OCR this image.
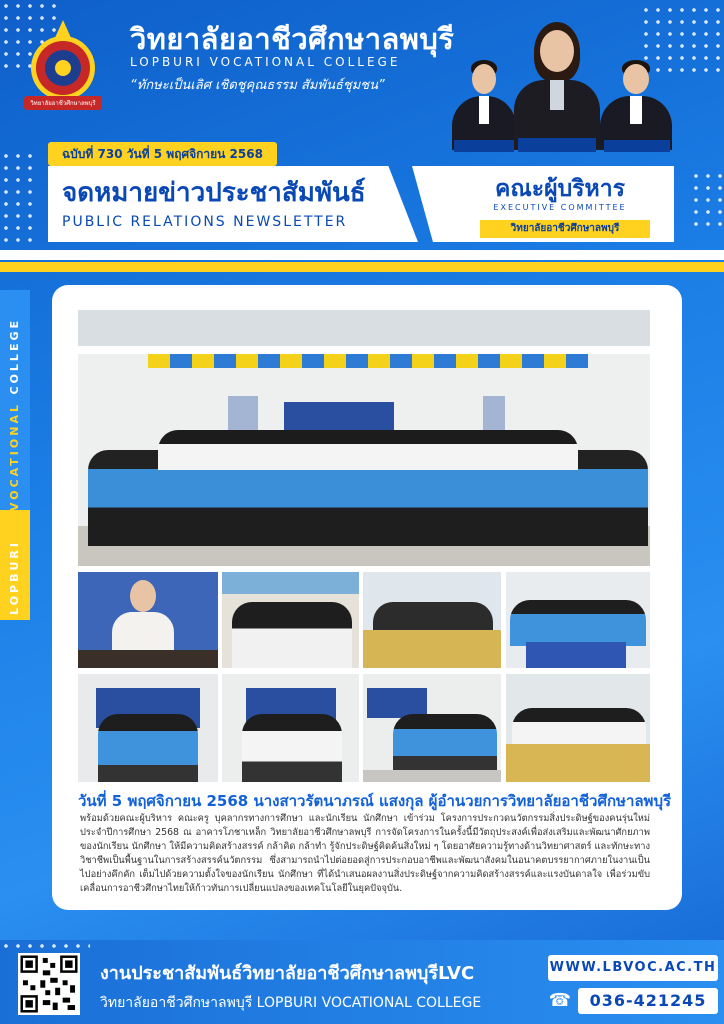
วิทยาลัยอาชีวศึกษาลพบุรี
วิทยาลัยอาชีวศึกษาลพบุรี
LOPBURI VOCATIONAL COLLEGE
“ทักษะเป็นเลิศ เชิดชูคุณธรรม สัมพันธ์ชุมชน”
ฉบับที่ 730 วันที่ 5 พฤศจิกายน 2568
จดหมายข่าวประชาสัมพันธ์
PUBLIC RELATIONS NEWSLETTER
คณะผู้บริหาร
EXECUTIVE COMMITTEE
วิทยาลัยอาชีวศึกษาลพบุรี
COLLEGE
VOCATIONAL
LOPBURI
วันที่ 5 พฤศจิกายน 2568 นางสาวรัตนาภรณ์ แสงกุล ผู้อำนวยการวิทยาลัยอาชีวศึกษาลพบุรี
พร้อมด้วยคณะผู้บริหาร คณะครู บุคลากรทางการศึกษา และนักเรียน นักศึกษา เข้าร่วม โครงการประกวดนวัตกรรมสิ่งประดิษฐ์ของคนรุ่นใหม่ ประจำปีการศึกษา 2568 ณ อาคารโภชาเหล็ก วิทยาลัยอาชีวศึกษาลพบุรี การจัดโครงการในครั้งนี้มีวัตถุประสงค์เพื่อส่งเสริมและพัฒนาศักยภาพของนักเรียน นักศึกษา ให้มีความคิดสร้างสรรค์ กล้าคิด กล้าทำ รู้จักประดิษฐ์คิดค้นสิ่งใหม่ ๆ โดยอาศัยความรู้ทางด้านวิทยาศาสตร์ และทักษะทางวิชาชีพเป็นพื้นฐานในการสร้างสรรค์นวัตกรรม ซึ่งสามารถนำไปต่อยอดสู่การประกอบอาชีพและพัฒนาสังคมในอนาคตบรรยากาศภายในงานเป็นไปอย่างคึกคัก เต็มไปด้วยความตั้งใจของนักเรียน นักศึกษา ที่ได้นำเสนอผลงานสิ่งประดิษฐ์จากความคิดสร้างสรรค์และแรงบันดาลใจ เพื่อร่วมขับเคลื่อนการอาชีวศึกษาไทยให้ก้าวทันการเปลี่ยนแปลงของเทคโนโลยีในยุคปัจจุบัน.
งานประชาสัมพันธ์วิทยาลัยอาชีวศึกษาลพบุรีLVC
วิทยาลัยอาชีวศึกษาลพบุรี LOPBURI VOCATIONAL COLLEGE
WWW.LBVOC.AC.TH
☎	036-421245
